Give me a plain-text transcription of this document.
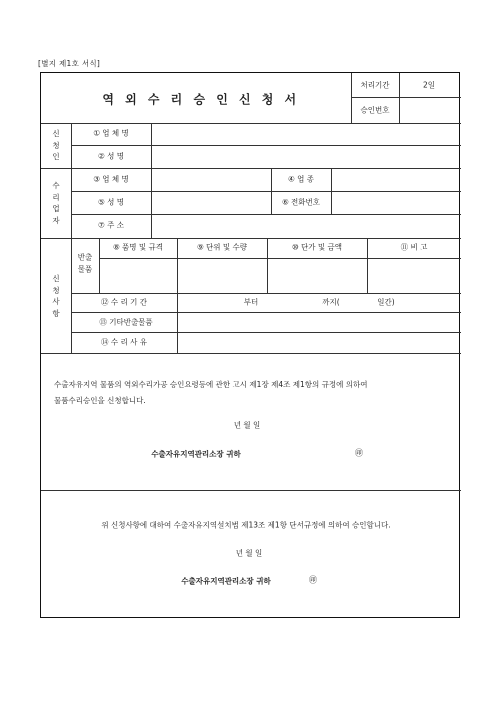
[별지 제1호 서식]
역 외 수 리 승 인 신 청 서
처리기간	2일
승인번호
신
청
인
① 업 체 명
② 성 명
수
리
업
자
③ 업 체 명	④ 업 종
⑤ 성 명	⑥ 전화번호
⑦ 주 소
신
청
사
항
반출
물품
⑧ 품명 및 규격	⑨ 단위 및 수량	⑩ 단가 및 금액	⑪ 비 고
⑫ 수 리 기 간	부터	까지(	일간)
⑬ 기타반출물품
⑭ 수 리 사 유
수출자유지역 물품의 역외수리가공 승인요령등에 관한 고시 제1장 제4조 제1항의 규정에 의하여
물품수리승인을 신청합니다.
년 월 일
수출자유지역관리소장 귀하	㊞
위 신청사항에 대하여 수출자유지역설치법 제13조 제1항 단서규정에 의하여 승인합니다.
년 월 일
수출자유지역관리소장 귀하	㊞
